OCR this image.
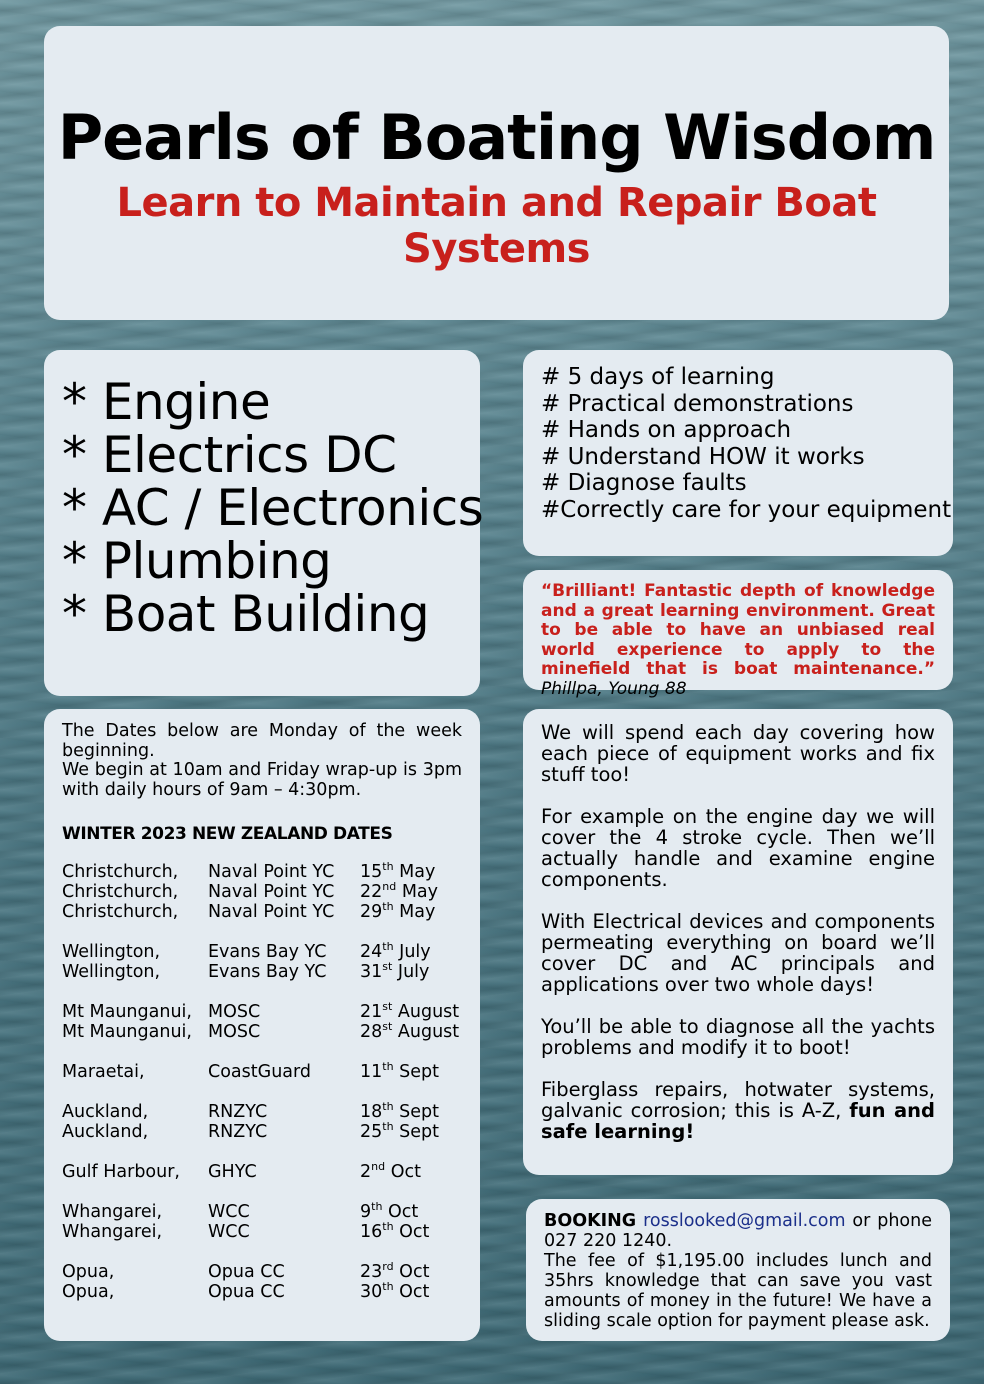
Pearls of Boating Wisdom
Learn to Maintain and Repair Boat Systems
* Engine
* Electrics DC
* AC / Electronics
* Plumbing
* Boat Building
# 5 days of learning
# Practical demonstrations
# Hands on approach
# Understand HOW it works
# Diagnose faults
#Correctly care for your equipment

“Brilliant! Fantastic depth of knowledge and a great learning environment. Great to be able to have an unbiased real world experience to apply to the minefield that is boat maintenance.” Phillpa, Young 88

The Dates below are Monday of the week beginning.

We begin at 10am and Friday wrap-up is 3pm with daily hours of 9am – 4:30pm.

WINTER 2023 NEW ZEALAND DATES
Christchurch,	Naval Point YC	15th May
Christchurch,	Naval Point YC	22nd May
Christchurch,	Naval Point YC	29th May
Wellington,	Evans Bay YC	24th July
Wellington,	Evans Bay YC	31st July
Mt Maunganui, MOSC	21st August
Mt Maunganui, MOSC	28st August
Maraetai,	CoastGuard	11th Sept
Auckland,	RNZYC	18th Sept
Auckland,	RNZYC	25th Sept
Gulf Harbour,	GHYC	2nd Oct
Whangarei,	WCC	9th Oct
Whangarei,	WCC	16th Oct
Opua,	Opua CC	23rd Oct
Opua,	Opua CC	30th Oct

We will spend each day covering how each piece of equipment works and fix stuff too!

For example on the engine day we will cover the 4 stroke cycle. Then we’ll actually handle and examine engine components.

With Electrical devices and components permeating everything on board we’ll cover DC and AC principals and applications over two whole days!

You’ll be able to diagnose all the yachts problems and modify it to boot!

Fiberglass repairs, hotwater systems, galvanic corrosion; this is A-Z, fun and safe learning!

BOOKING rosslooked@gmail.com or phone 027 220 1240.
The fee of $1,195.00 includes lunch and 35hrs knowledge that can save you vast amounts of money in the future! We have a sliding scale option for payment please ask.
